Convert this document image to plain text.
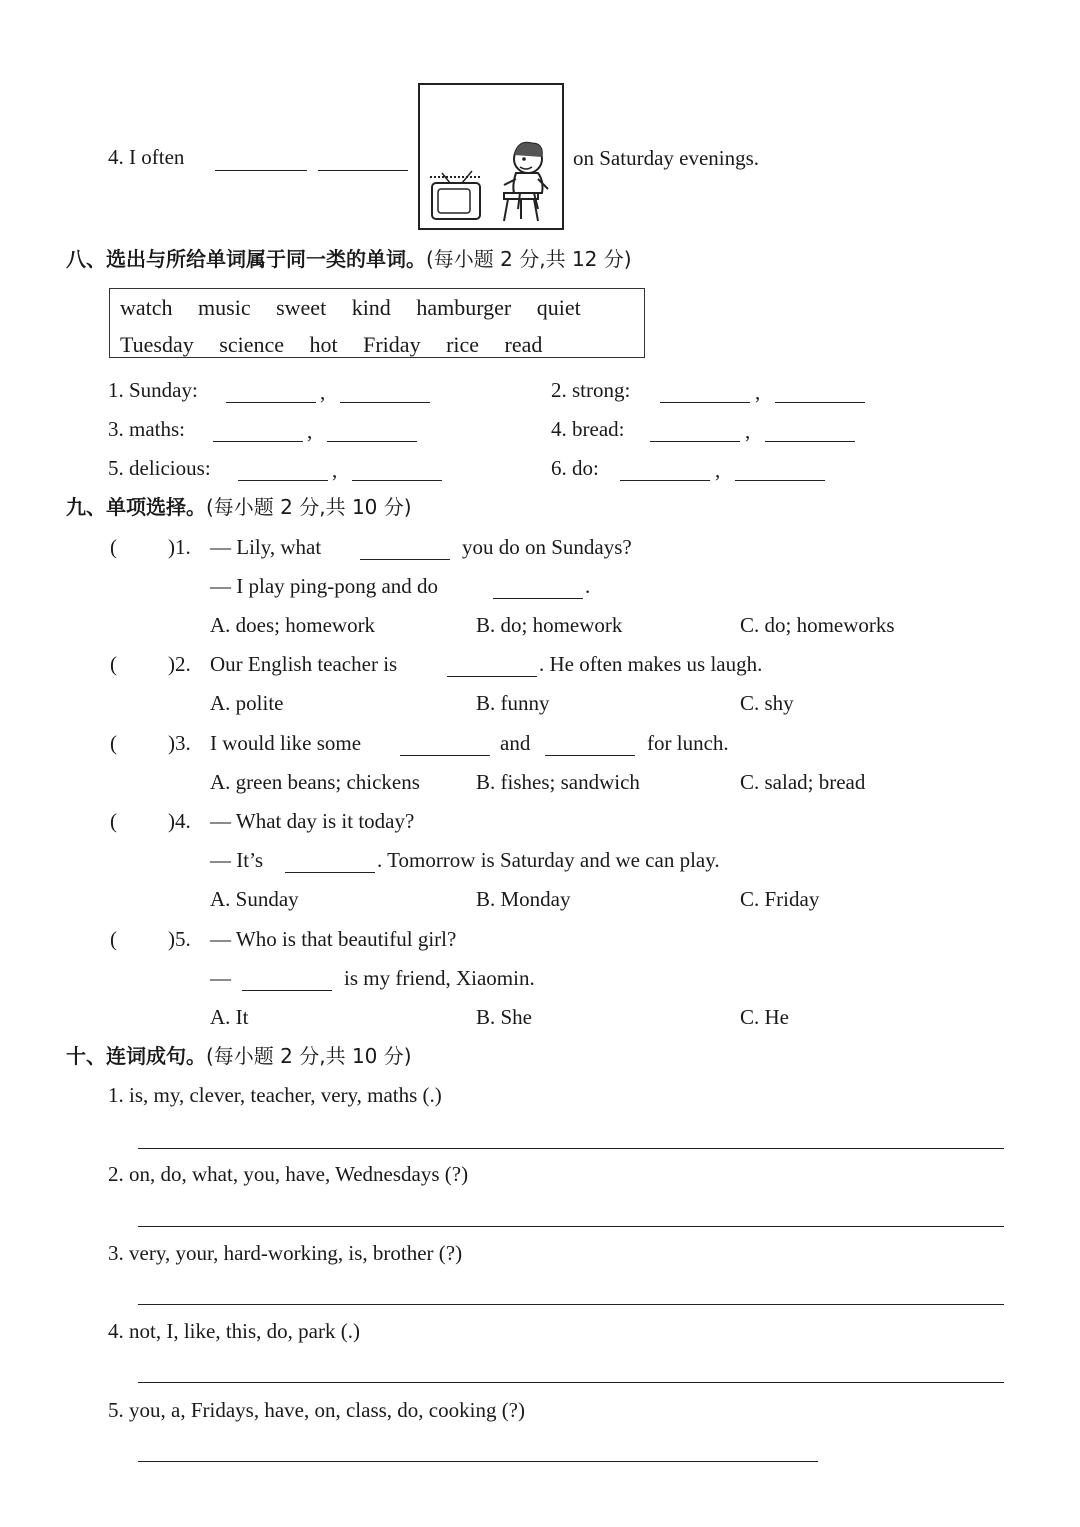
4. I often	on Saturday evenings.
八、选出与所给单词属于同一类的单词。(每小题 2 分,共 12 分)
watch music sweet kind hamburger quiet
Tuesday science hot Friday rice read
1. Sunday:	,	2. strong:	,
3. maths:	,	4. bread:	,
5. delicious:	,	6. do:	,
九、单项选择。(每小题 2 分,共 10 分)
( )1. — Lily, what	you do on Sundays?
— I play ping-pong and do	.
A. does; homework	B. do; homework	C. do; homeworks
( )2. Our English teacher is	. He often makes us laugh.
A. polite	B. funny	C. shy
( )3. I would like some	and	for lunch.
A. green beans; chickens	B. fishes; sandwich	C. salad; bread
( )4. — What day is it today?
— It’s	. Tomorrow is Saturday and we can play.
A. Sunday	B. Monday	C. Friday
( )5. — Who is that beautiful girl?
—	is my friend, Xiaomin.
A. It	B. She	C. He
十、连词成句。(每小题 2 分,共 10 分)
1. is, my, clever, teacher, very, maths (.)
2. on, do, what, you, have, Wednesdays (?)
3. very, your, hard-working, is, brother (?)
4. not, I, like, this, do, park (.)
5. you, a, Fridays, have, on, class, do, cooking (?)
